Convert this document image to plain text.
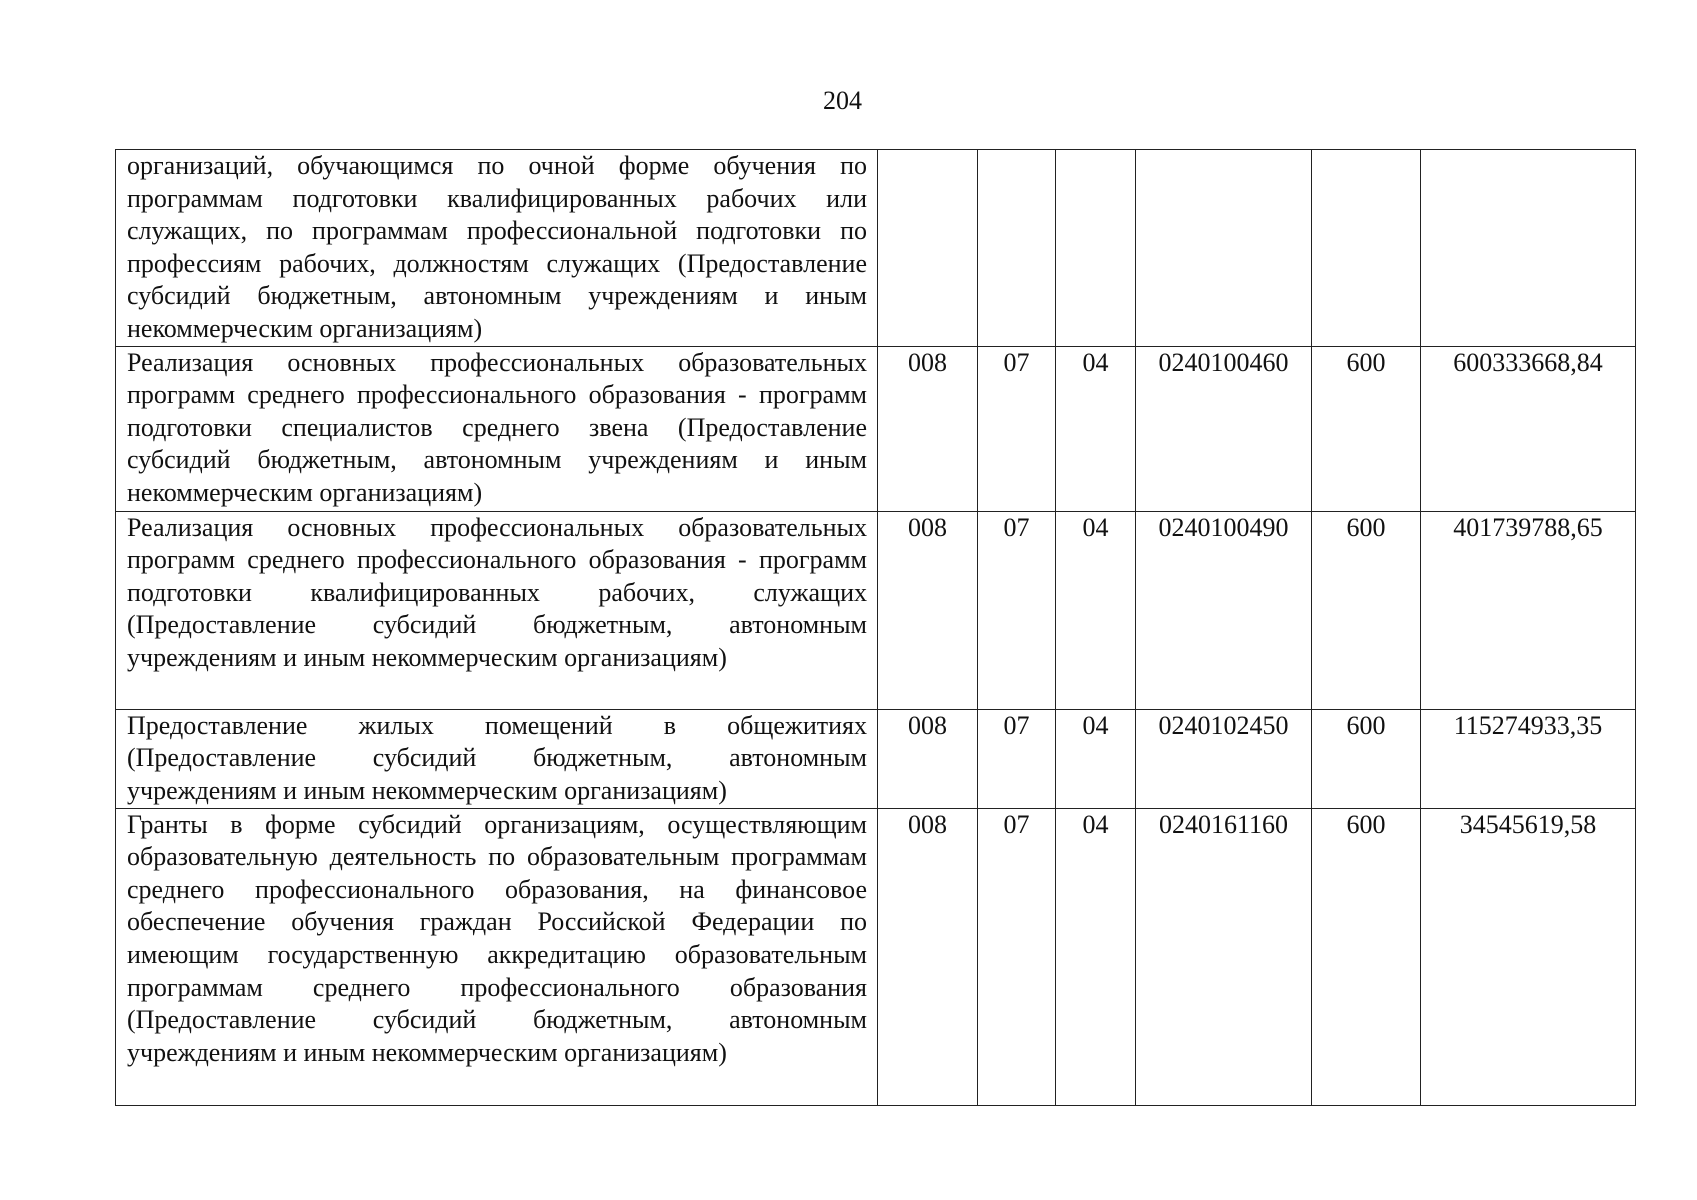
204
организаций, обучающимся по очной форме обучения по программам подготовки квалифицированных рабочих или служащих, по программам профессиональной подготовки по профессиям рабочих, должностям служащих (Предоставление субсидий бюджетным, автономным учреждениям и иным некоммерческим организациям)						
Реализация основных профессиональных образовательных программ среднего профессионального образования - программ подготовки специалистов среднего звена (Предоставление субсидий бюджетным, автономным учреждениям и иным некоммерческим организациям)	008	07	04	0240100460	600	600333668,84
Реализация основных профессиональных образовательных программ среднего профессионального образования - программ подготовки квалифицированных рабочих, служащих (Предоставление субсидий бюджетным, автономным учреждениям и иным некоммерческим организациям)	008	07	04	0240100490	600	401739788,65
Предоставление жилых помещений в общежитиях (Предоставление субсидий бюджетным, автономным учреждениям и иным некоммерческим организациям)	008	07	04	0240102450	600	115274933,35
Гранты в форме субсидий организациям, осуществляющим образовательную деятельность по образовательным программам среднего профессионального образования, на финансовое обеспечение обучения граждан Российской Федерации по имеющим государственную аккредитацию образовательным программам среднего профессионального образования (Предоставление субсидий бюджетным, автономным учреждениям и иным некоммерческим организациям)	008	07	04	0240161160	600	34545619,58
